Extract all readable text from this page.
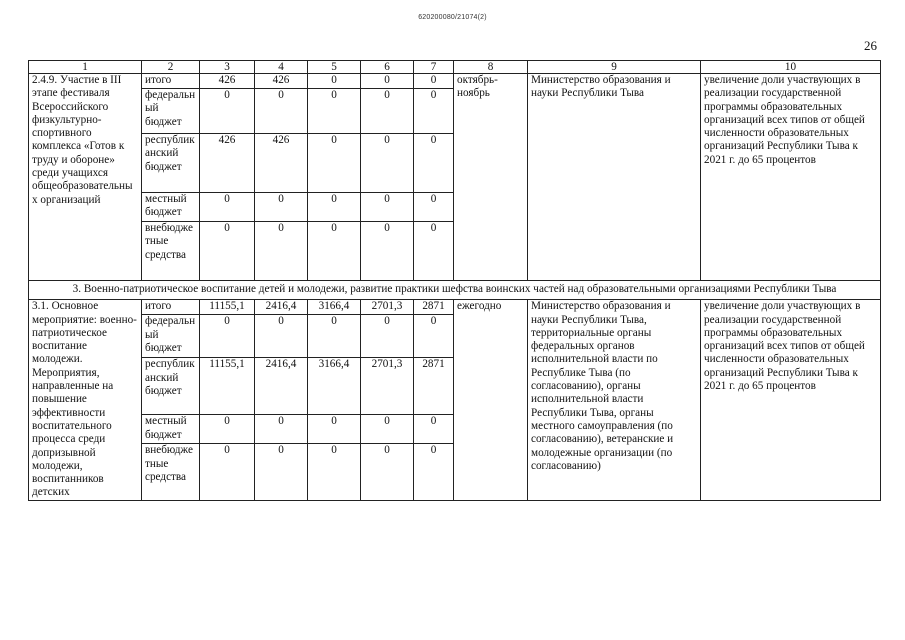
620200080/21074(2)
26
1	2	3	4	5	6	7	8	9	10
2.4.9. Участие в III этапе фестиваля Всероссийского физкультурно-спортивного комплекса «Готов к труду и обороне» среди учащихся общеобразовательных организаций	итого	426	426	0	0	0	октябрь-ноябрь	Министерство образования и науки Республики Тыва	увеличение доли участвующих в реализации государственной программы образовательных организаций всех типов от общей численности образовательных организаций Республики Тыва к 2021 г. до 65 процентов
	федеральный бюджет	0	0	0	0	0			
	республиканский бюджет	426	426	0	0	0			
	местный бюджет	0	0	0	0	0			
	внебюджетные средства	0	0	0	0	0			
3. Военно-патриотическое воспитание детей и молодежи, развитие практики шефства воинских частей над образовательными организациями Республики Тыва									
3.1. Основное мероприятие: военно-патриотическое воспитание молодежи. Мероприятия, направленные на повышение эффективности воспитательного процесса среди допризывной молодежи, воспитанников детских	итого	11155,1	2416,4	3166,4	2701,3	2871	ежегодно	Министерство образования и науки Республики Тыва, территориальные органы федеральных органов исполнительной власти по Республике Тыва (по согласованию), органы исполнительной власти Республики Тыва, органы местного самоуправления (по согласованию), ветеранские и молодежные организации (по согласованию)	увеличение доли участвующих в реализации государственной программы образовательных организаций всех типов от общей численности образовательных организаций Республики Тыва к 2021 г. до 65 процентов
	федеральный бюджет	0	0	0	0	0			
	республиканский бюджет	11155,1	2416,4	3166,4	2701,3	2871			
	местный бюджет	0	0	0	0	0			
	внебюджетные средства	0	0	0	0	0			
